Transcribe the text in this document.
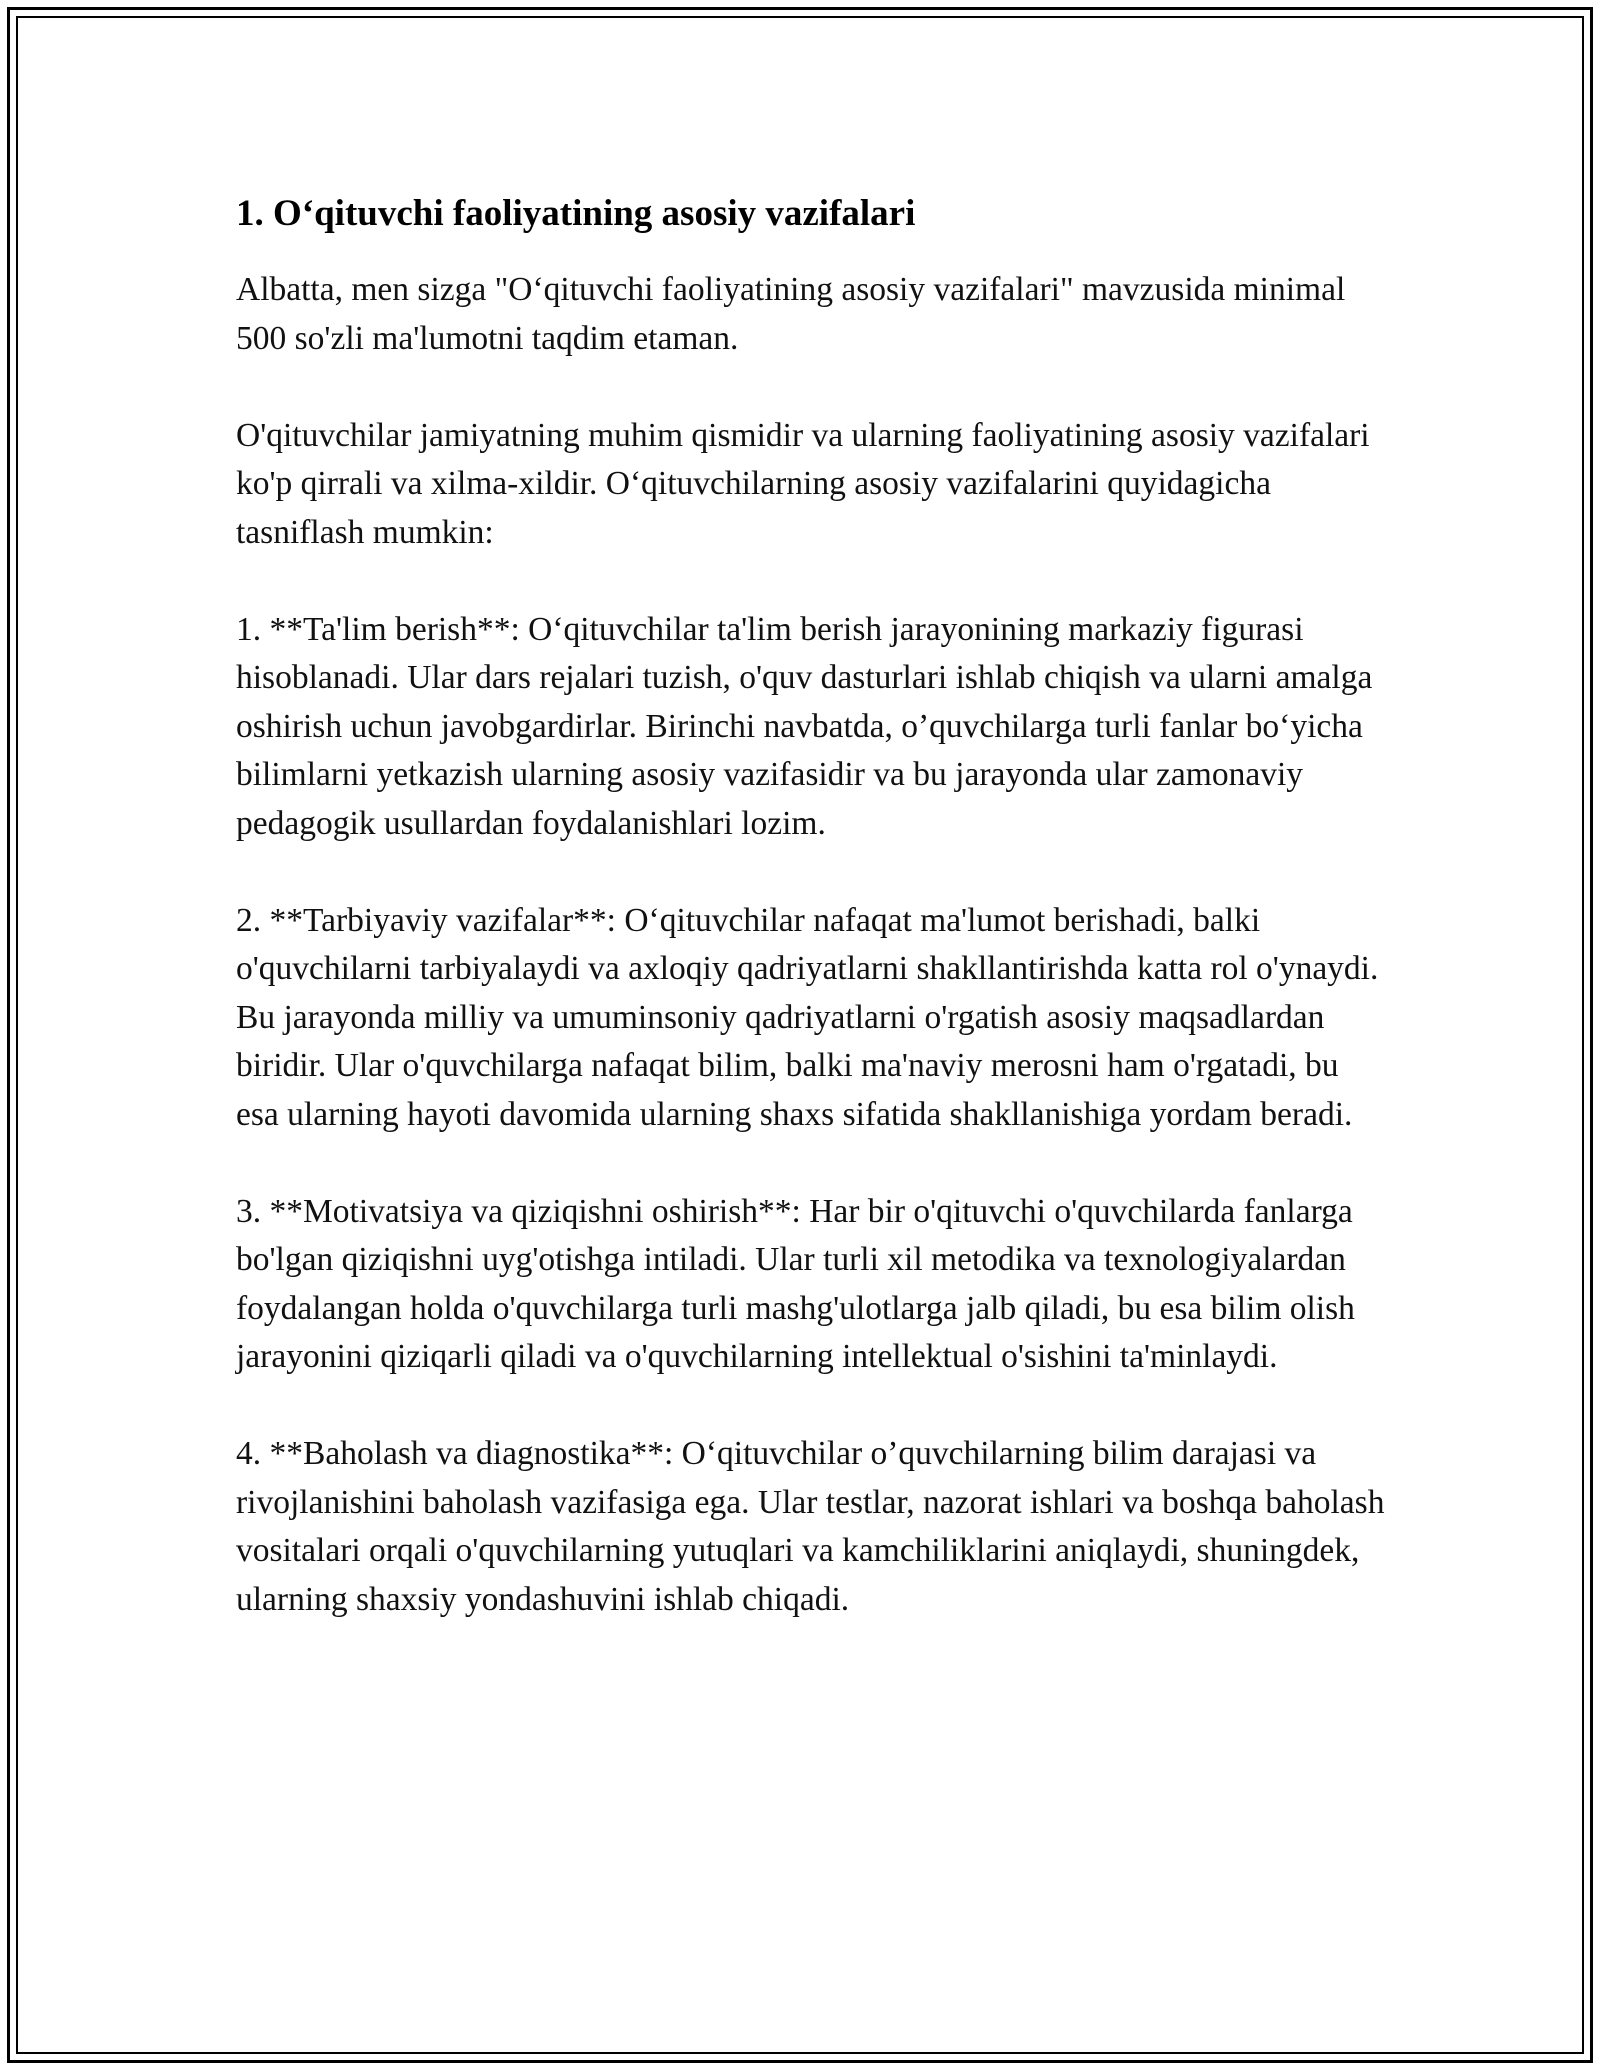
1. O‘qituvchi faoliyatining asosiy vazifalari

Albatta, men sizga "O‘qituvchi faoliyatining asosiy vazifalari" mavzusida minimal 500 so'zli ma'lumotni taqdim etaman.

O'qituvchilar jamiyatning muhim qismidir va ularning faoliyatining asosiy vazifalari ko'p qirrali va xilma-xildir. O‘qituvchilarning asosiy vazifalarini quyidagicha tasniflash mumkin:

1. **Ta'lim berish**: O‘qituvchilar ta'lim berish jarayonining markaziy figurasi hisoblanadi. Ular dars rejalari tuzish, o'quv dasturlari ishlab chiqish va ularni amalga oshirish uchun javobgardirlar. Birinchi navbatda, o’quvchilarga turli fanlar bo‘yicha bilimlarni yetkazish ularning asosiy vazifasidir va bu jarayonda ular zamonaviy pedagogik usullardan foydalanishlari lozim.

2. **Tarbiyaviy vazifalar**: O‘qituvchilar nafaqat ma'lumot berishadi, balki o'quvchilarni tarbiyalaydi va axloqiy qadriyatlarni shakllantirishda katta rol o'ynaydi. Bu jarayonda milliy va umuminsoniy qadriyatlarni o'rgatish asosiy maqsadlardan biridir. Ular o'quvchilarga nafaqat bilim, balki ma'naviy merosni ham o'rgatadi, bu esa ularning hayoti davomida ularning shaxs sifatida shakllanishiga yordam beradi.

3. **Motivatsiya va qiziqishni oshirish**: Har bir o'qituvchi o'quvchilarda fanlarga bo'lgan qiziqishni uyg'otishga intiladi. Ular turli xil metodika va texnologiyalardan foydalangan holda o'quvchilarga turli mashg'ulotlarga jalb qiladi, bu esa bilim olish jarayonini qiziqarli qiladi va o'quvchilarning intellektual o'sishini ta'minlaydi.

4. **Baholash va diagnostika**: O‘qituvchilar o’quvchilarning bilim darajasi va rivojlanishini baholash vazifasiga ega. Ular testlar, nazorat ishlari va boshqa baholash vositalari orqali o'quvchilarning yutuqlari va kamchiliklarini aniqlaydi, shuningdek, ularning shaxsiy yondashuvini ishlab chiqadi.
